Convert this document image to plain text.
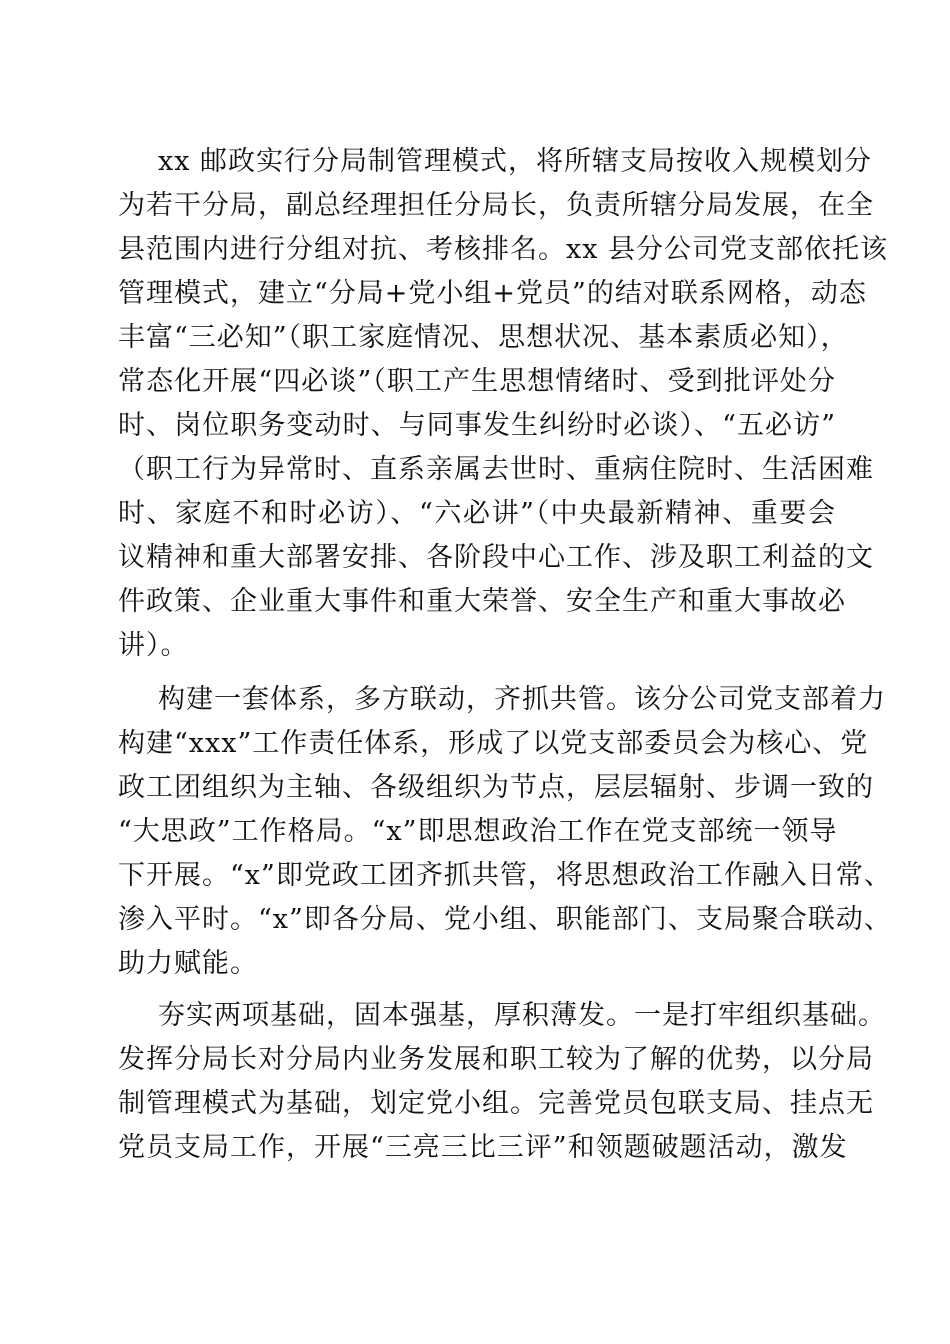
xx 邮政实行分局制管理模式，将所辖支局按收入规模划分
为若干分局，副总经理担任分局长，负责所辖分局发展，在全
县范围内进行分组对抗、考核排名。xx 县分公司党支部依托该
管理模式，建立“分局+党小组+党员”的结对联系网格，动态
丰富“三必知”（职工家庭情况、思想状况、基本素质必知），
常态化开展“四必谈”（职工产生思想情绪时、受到批评处分
时、岗位职务变动时、与同事发生纠纷时必谈）、“五必访”
（职工行为异常时、直系亲属去世时、重病住院时、生活困难
时、家庭不和时必访）、“六必讲”（中央最新精神、重要会
议精神和重大部署安排、各阶段中心工作、涉及职工利益的文
件政策、企业重大事件和重大荣誉、安全生产和重大事故必
讲）。
构建一套体系，多方联动，齐抓共管。该分公司党支部着力
构建“xxx”工作责任体系，形成了以党支部委员会为核心、党
政工团组织为主轴、各级组织为节点，层层辐射、步调一致的
“大思政”工作格局。“x”即思想政治工作在党支部统一领导
下开展。“x”即党政工团齐抓共管，将思想政治工作融入日常、
渗入平时。“x”即各分局、党小组、职能部门、支局聚合联动、
助力赋能。
夯实两项基础，固本强基，厚积薄发。一是打牢组织基础。
发挥分局长对分局内业务发展和职工较为了解的优势，以分局
制管理模式为基础，划定党小组。完善党员包联支局、挂点无
党员支局工作，开展“三亮三比三评”和领题破题活动，激发
